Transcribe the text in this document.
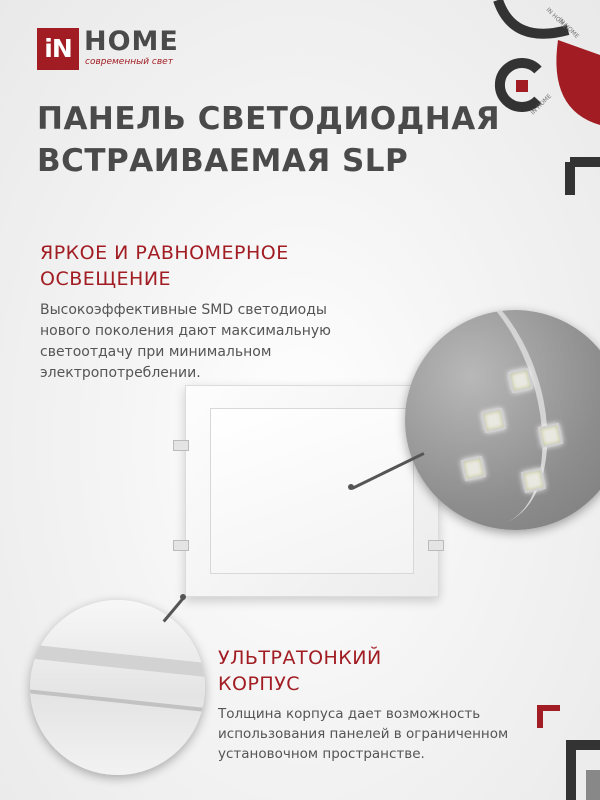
iN HOME
современный свет
IN HOME
IN HOME
IN HOME
ПАНЕЛЬ СВЕТОДИОДНАЯ
ВСТРАИВАЕМАЯ SLP
ЯРКОЕ И РАВНОМЕРНОЕ
ОСВЕЩЕНИЕ
Высокоэффективные SMD светодиоды
нового поколения дают максимальную
светоотдачу при минимальном
электропотреблении.
УЛЬТРАТОНКИЙ
КОРПУС
Толщина корпуса дает возможность
использования панелей в ограниченном
установочном пространстве.
